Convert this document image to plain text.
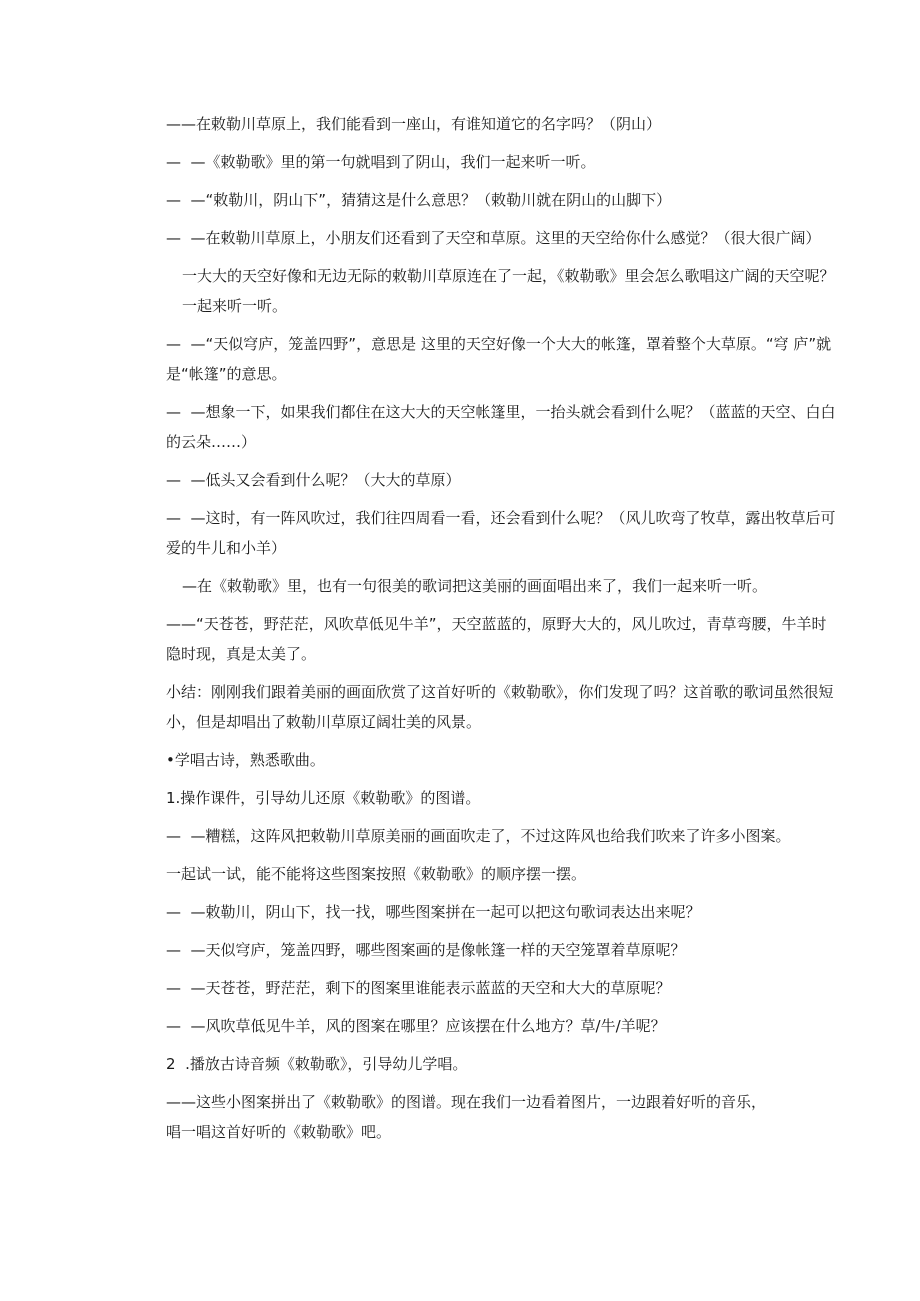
——在敕勒川草原上，我们能看到一座山，有谁知道它的名字吗？（阴山）

—  —《敕勒歌》里的第一句就唱到了阴山，我们一起来听一听。

—  —“敕勒川，阴山下”，猜猜这是什么意思？（敕勒川就在阴山的山脚下）

—  —在敕勒川草原上，小朋友们还看到了天空和草原。这里的天空给你什么感觉？（很大很广阔）

一大大的天空好像和无边无际的敕勒川草原连在了一起，《敕勒歌》里会怎么歌唱这广阔的天空呢？一起来听一听。

—  —“天似穹庐，笼盖四野”，意思是 这里的天空好像一个大大的帐篷，罩着整个大草原。“穹 庐”就是“帐篷”的意思。

—  —想象一下，如果我们都住在这大大的天空帐篷里，一抬头就会看到什么呢？（蓝蓝的天空、白白的云朵……）

—  —低头又会看到什么呢？（大大的草原）

—  —这时，有一阵风吹过，我们往四周看一看，还会看到什么呢？（风儿吹弯了牧草，露出牧草后可爱的牛儿和小羊）

—在《敕勒歌》里，也有一句很美的歌词把这美丽的画面唱出来了，我们一起来听一听。

——“天苍苍，野茫茫，风吹草低见牛羊”，天空蓝蓝的，原野大大的，风儿吹过，青草弯腰，牛羊时隐时现，真是太美了。

小结：刚刚我们跟着美丽的画面欣赏了这首好听的《敕勒歌》，你们发现了吗？这首歌的歌词虽然很短小，但是却唱出了敕勒川草原辽阔壮美的风景。

•学唱古诗，熟悉歌曲。

1.操作课件，引导幼儿还原《敕勒歌》的图谱。

—  —糟糕，这阵风把敕勒川草原美丽的画面吹走了，不过这阵风也给我们吹来了许多小图案。

一起试一试，能不能将这些图案按照《敕勒歌》的顺序摆一摆。

—  —敕勒川，阴山下，找一找，哪些图案拼在一起可以把这句歌词表达出来呢？

—  —天似穹庐，笼盖四野，哪些图案画的是像帐篷一样的天空笼罩着草原呢？

—  —天苍苍，野茫茫，剩下的图案里谁能表示蓝蓝的天空和大大的草原呢？

—  —风吹草低见牛羊，风的图案在哪里？应该摆在什么地方？草/牛/羊呢？

2  .播放古诗音频《敕勒歌》，引导幼儿学唱。

——这些小图案拼出了《敕勒歌》的图谱。现在我们一边看着图片，一边跟着好听的音乐，

唱一唱这首好听的《敕勒歌》吧。
